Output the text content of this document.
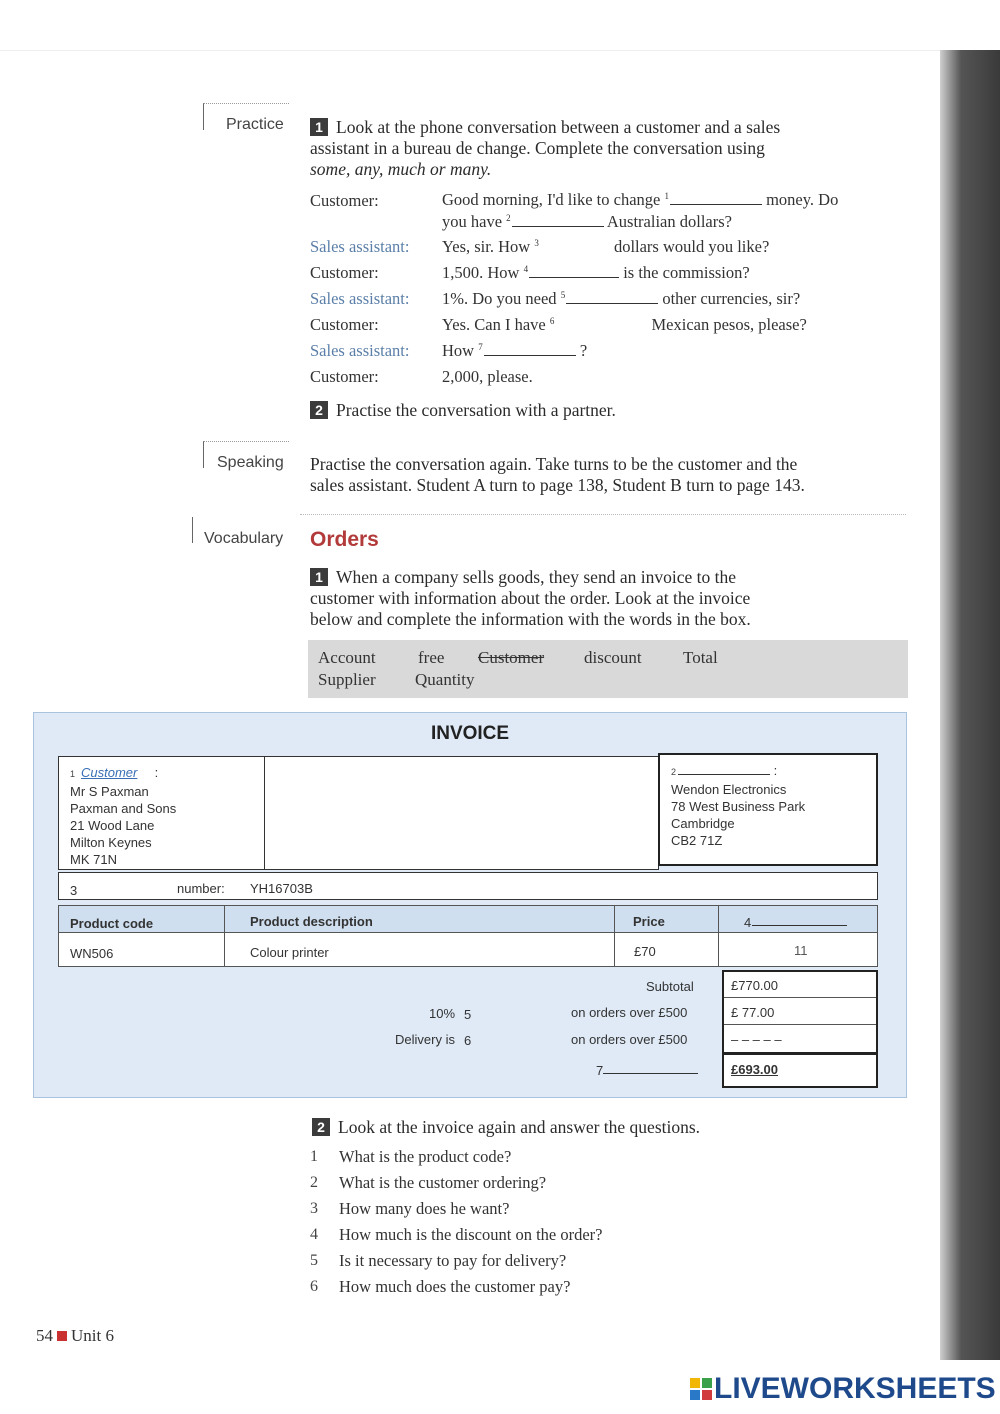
Practice	1 Look at the phone conversation between a customer and a sales
assistant in a bureau de change. Complete the conversation using
some, any, much or many.
Customer:	Good morning, I'd like to change $^1$	money. Do
you have $^2$	Australian dollars?
Sales assistant: Yes, sir. How $^3$	dollars would you like?
Customer:	1,500. How $^4$	is the commission?
Sales assistant: 1%. Do you need $^5$	other currencies, sir?
Customer:	Yes. Can I have $^6$	Mexican pesos, please?
Sales assistant: How $^7$	?
Customer:	2,000, please.
2 Practise the conversation with a partner.
Speaking Practise the conversation again. Take turns to be the customer and the
sales assistant. Student A turn to page 138, Student B turn to page 143.
Vocabulary Orders
1 When a company sells goods, they send an invoice to the
customer with information about the order. Look at the invoice
below and complete the information with the words in the box.
Account free Customer discount Total
Supplier Quantity
INVOICE
1 Customer :
Mr S Paxman
Paxman and Sons
21 Wood Lane
Milton Keynes
MK 71N
2	:
Wendon Electronics
78 West Business Park
Cambridge
CB2 71Z
3	number: YH16703B
Product code	Product description	Price	4
WN506	Colour printer	£70	11
Subtotal	£770.00
10% 5	on orders over £500	£ 77.00
Delivery is 6	on orders over £500	– – – – –
7	£693.00
2 Look at the invoice again and answer the questions.
1 What is the product code?
2 What is the customer ordering?
3 How many does he want?
4 How much is the discount on the order?
5 Is it necessary to pay for delivery?
6 How much does the customer pay?
54 Unit 6
LIVEWORKSHEETS
